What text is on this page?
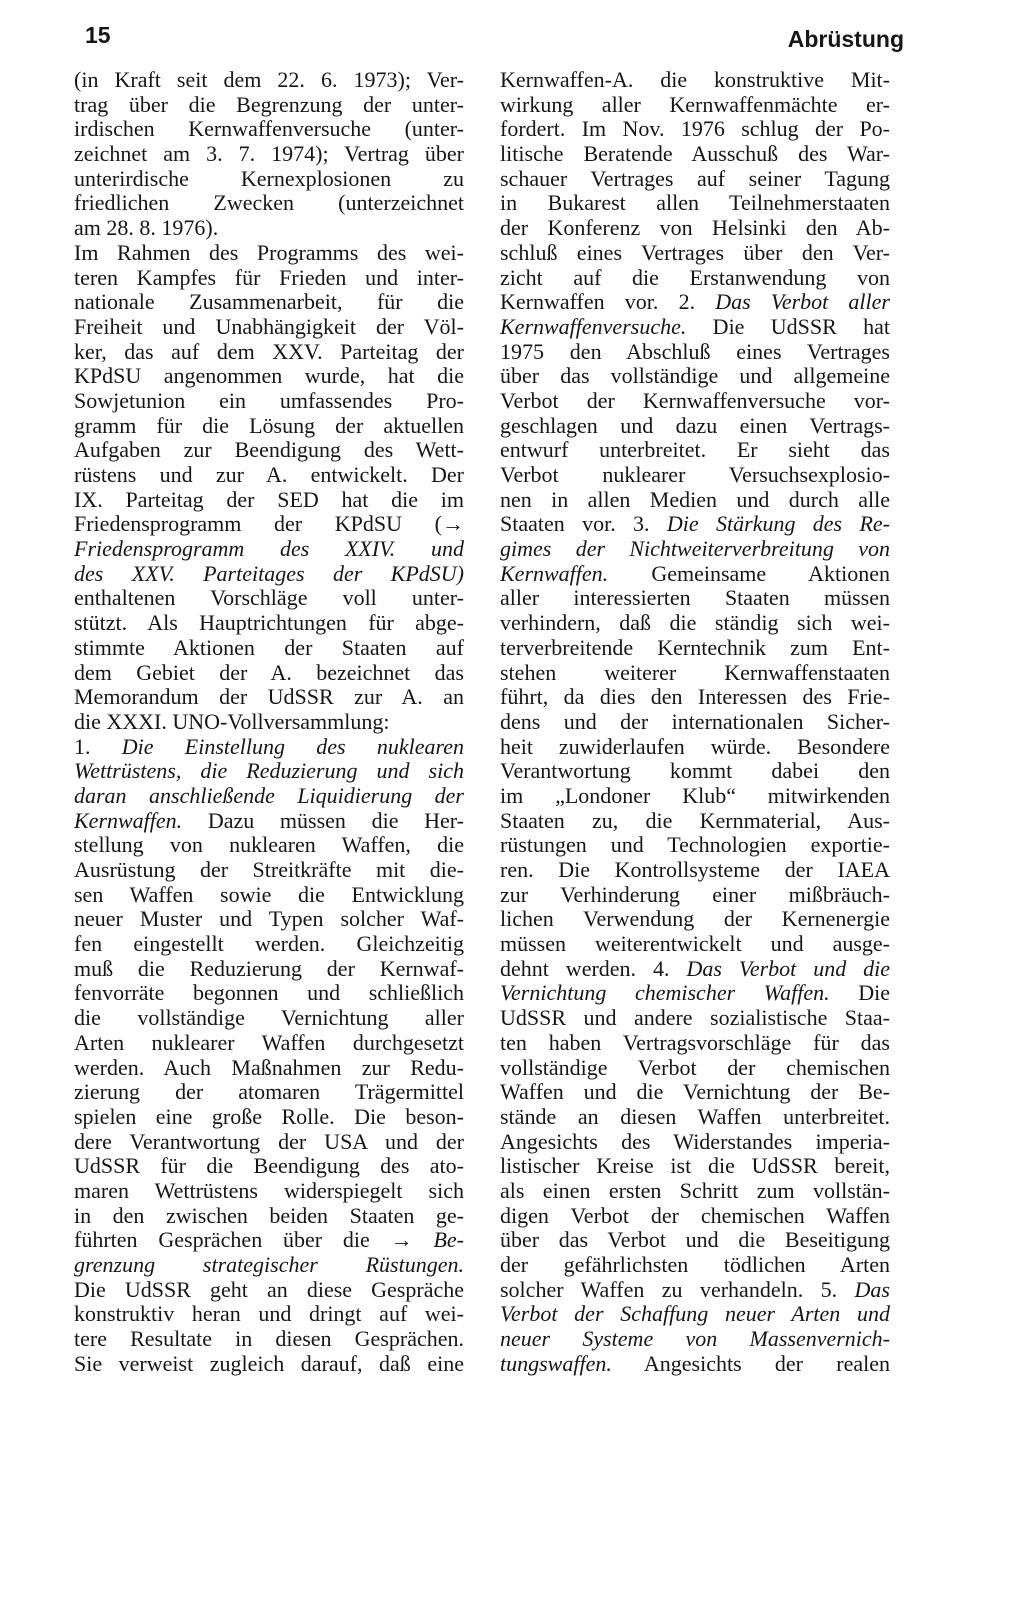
15	Abrüstung
(in Kraft seit dem 22. 6. 1973); Ver-
trag über die Begrenzung der unter-
irdischen Kernwaffenversuche (unter-
zeichnet am 3. 7. 1974); Vertrag über
unterirdische Kernexplosionen zu
friedlichen Zwecken (unterzeichnet
am 28. 8. 1976).
Im Rahmen des Programms des wei-
teren Kampfes für Frieden und inter-
nationale Zusammenarbeit, für die
Freiheit und Unabhängigkeit der Völ-
ker, das auf dem XXV. Parteitag der
KPdSU angenommen wurde, hat die
Sowjetunion ein umfassendes Pro-
gramm für die Lösung der aktuellen
Aufgaben zur Beendigung des Wett-
rüstens und zur A. entwickelt. Der
IX. Parteitag der SED hat die im
Friedensprogramm der KPdSU (→
Friedensprogramm des XXIV. und
des XXV. Parteitages der KPdSU)
enthaltenen Vorschläge voll unter-
stützt. Als Hauptrichtungen für abge-
stimmte Aktionen der Staaten auf
dem Gebiet der A. bezeichnet das
Memorandum der UdSSR zur A. an
die XXXI. UNO-Vollversammlung:
1. Die Einstellung des nuklearen
Wettrüstens, die Reduzierung und sich
daran anschließende Liquidierung der
Kernwaffen. Dazu müssen die Her-
stellung von nuklearen Waffen, die
Ausrüstung der Streitkräfte mit die-
sen Waffen sowie die Entwicklung
neuer Muster und Typen solcher Waf-
fen eingestellt werden. Gleichzeitig
muß die Reduzierung der Kernwaf-
fenvorräte begonnen und schließlich
die vollständige Vernichtung aller
Arten nuklearer Waffen durchgesetzt
werden. Auch Maßnahmen zur Redu-
zierung der atomaren Trägermittel
spielen eine große Rolle. Die beson-
dere Verantwortung der USA und der
UdSSR für die Beendigung des ato-
maren Wettrüstens widerspiegelt sich
in den zwischen beiden Staaten ge-
führten Gesprächen über die → Be-
grenzung strategischer Rüstungen.
Die UdSSR geht an diese Gespräche
konstruktiv heran und dringt auf wei-
tere Resultate in diesen Gesprächen.
Sie verweist zugleich darauf, daß eine
Kernwaffen-A. die konstruktive Mit-
wirkung aller Kernwaffenmächte er-
fordert. Im Nov. 1976 schlug der Po-
litische Beratende Ausschuß des War-
schauer Vertrages auf seiner Tagung
in Bukarest allen Teilnehmerstaaten
der Konferenz von Helsinki den Ab-
schluß eines Vertrages über den Ver-
zicht auf die Erstanwendung von
Kernwaffen vor. 2. Das Verbot aller
Kernwaffenversuche. Die UdSSR hat
1975 den Abschluß eines Vertrages
über das vollständige und allgemeine
Verbot der Kernwaffenversuche vor-
geschlagen und dazu einen Vertrags-
entwurf unterbreitet. Er sieht das
Verbot nuklearer Versuchsexplosio-
nen in allen Medien und durch alle
Staaten vor. 3. Die Stärkung des Re-
gimes der Nichtweiterverbreitung von
Kernwaffen. Gemeinsame Aktionen
aller interessierten Staaten müssen
verhindern, daß die ständig sich wei-
terverbreitende Kerntechnik zum Ent-
stehen weiterer Kernwaffenstaaten
führt, da dies den Interessen des Frie-
dens und der internationalen Sicher-
heit zuwiderlaufen würde. Besondere
Verantwortung kommt dabei den
im „Londoner Klub“ mitwirkenden
Staaten zu, die Kernmaterial, Aus-
rüstungen und Technologien exportie-
ren. Die Kontrollsysteme der IAEA
zur Verhinderung einer mißbräuch-
lichen Verwendung der Kernenergie
müssen weiterentwickelt und ausge-
dehnt werden. 4. Das Verbot und die
Vernichtung chemischer Waffen. Die
UdSSR und andere sozialistische Staa-
ten haben Vertragsvorschläge für das
vollständige Verbot der chemischen
Waffen und die Vernichtung der Be-
stände an diesen Waffen unterbreitet.
Angesichts des Widerstandes imperia-
listischer Kreise ist die UdSSR bereit,
als einen ersten Schritt zum vollstän-
digen Verbot der chemischen Waffen
über das Verbot und die Beseitigung
der gefährlichsten tödlichen Arten
solcher Waffen zu verhandeln. 5. Das
Verbot der Schaffung neuer Arten und
neuer Systeme von Massenvernich-
tungswaffen. Angesichts der realen
